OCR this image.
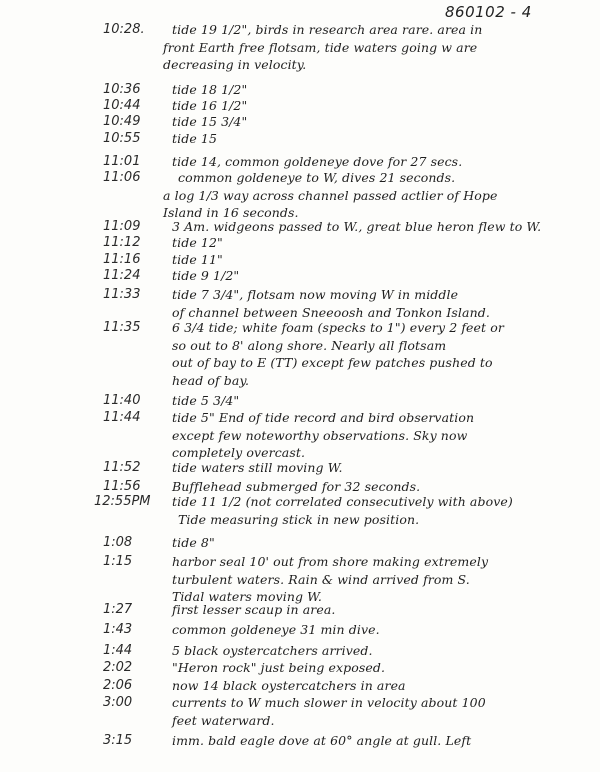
860102 - 4
10:28. tide 19 1/2", birds in research area rare. area in
front Earth free flotsam, tide waters going w are
decreasing in velocity.
10:36	tide 18 1/2"
10:44	tide 16 1/2"
10:49	tide 15 3/4"
10:55	tide 15
11:01	tide 14, common goldeneye dove for 27 secs.
11:06	common goldeneye to W, dives 21 seconds.
a log 1/3 way across channel passed actlier of Hope
Island in 16 seconds.
11:09	3 Am. widgeons passed to W., great blue heron flew to W.
11:12	tide 12"
11:16	tide 11"
11:24	tide 9 1/2"
11:33	tide 7 3/4", flotsam now moving W in middle
of channel between Sneeoosh and Tonkon Island.
11:35	6 3/4 tide; white foam (specks to 1") every 2 feet or
so out to 8' along shore. Nearly all flotsam
out of bay to E (TT) except few patches pushed to
head of bay.
11:40	tide 5 3/4"
11:44	tide 5" End of tide record and bird observation
except few noteworthy observations. Sky now
completely overcast.
11:52	tide waters still moving W.
11:56	Bufflehead submerged for 32 seconds.
12:55PM tide 11 1/2 (not correlated consecutively with above)
Tide measuring stick in new position.
1:08	tide 8"
1:15	harbor seal 10' out from shore making extremely
turbulent waters. Rain & wind arrived from S.
Tidal waters moving W.
1:27	first lesser scaup in area.
1:43	common goldeneye 31 min dive.
1:44	5 black oystercatchers arrived.
2:02	"Heron rock" just being exposed.
2:06	now 14 black oystercatchers in area
3:00	currents to W much slower in velocity about 100
feet waterward.
3:15	imm. bald eagle dove at 60° angle at gull. Left
